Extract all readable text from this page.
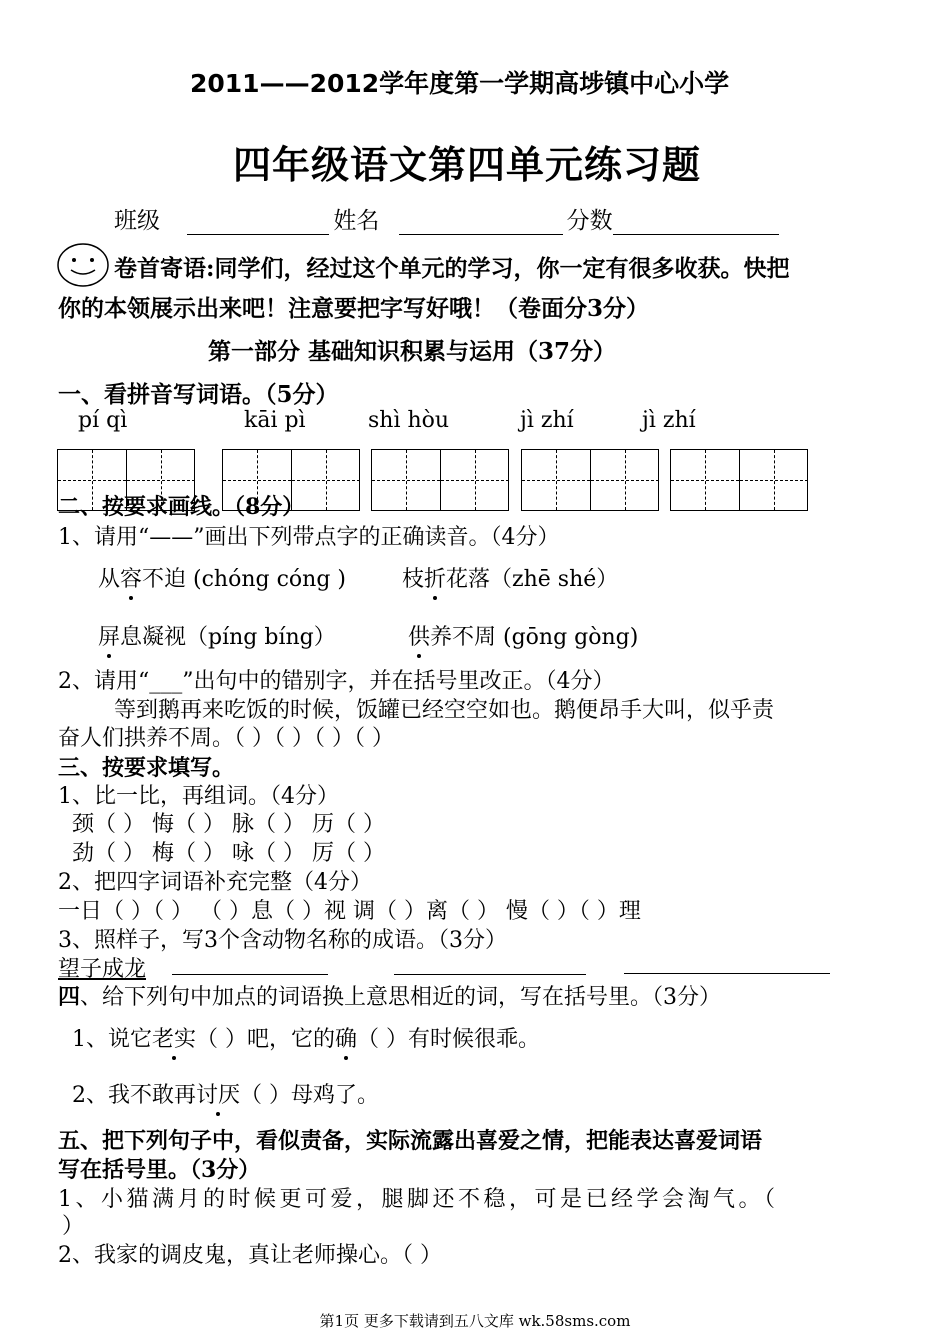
2011——2012学年度第一学期高埗镇中心小学
四年级语文第四单元练习题
班级	姓名	分数
卷首寄语:同学们，经过这个单元的学习，你一定有很多收获。快把
你的本领展示出来吧！注意要把字写好哦！（卷面分3分）
第一部分 基础知识积累与运用（37分）
一、看拼音写词语。（5分）
pí qì	kāi pì	shì hòu	jì zhí	jì zhí
二、按要求画线。（8分）
1、请用“——”画出下列带点字的正确读音。（4分）
从容不迫 (chóng cóng )	枝折花落（zhē shé）
屏息凝视（píng bíng）	供养不周 (gōng gòng)
2、请用“___”出句中的错别字，并在括号里改正。（4分）
等到鹅再来吃饭的时候，饭罐已经空空如也。鹅便昂手大叫，似乎责
奋人们拱养不周。（ ）（ ）（ ）（ ）
三、按要求填写。
1、比一比，再组词。（4分）
颈（ ） 悔（ ） 脉（ ） 历（ ）
劲（ ） 梅（ ） 咏（ ） 厉（ ）
2、把四字词语补充完整（4分）
一日（ ）（ ） （ ）息（ ）视 调（ ）离（ ） 慢（ ）（ ）理
3、照样子，写3个含动物名称的成语。（3分）
望子成龙
四、给下列句中加点的词语换上意思相近的词，写在括号里。（3分）
1、说它老实（ ）吧，它的确（ ）有时候很乖。
2、我不敢再讨厌（ ）母鸡了。
五、把下列句子中，看似责备，实际流露出喜爱之情，把能表达喜爱词语
写在括号里。（3分）
1、小猫满月的时候更可爱，腿脚还不稳，可是已经学会淘气。（
）
2、我家的调皮鬼，真让老师操心。（ ）
第1页 更多下载请到五八文库 wk.58sms.com
